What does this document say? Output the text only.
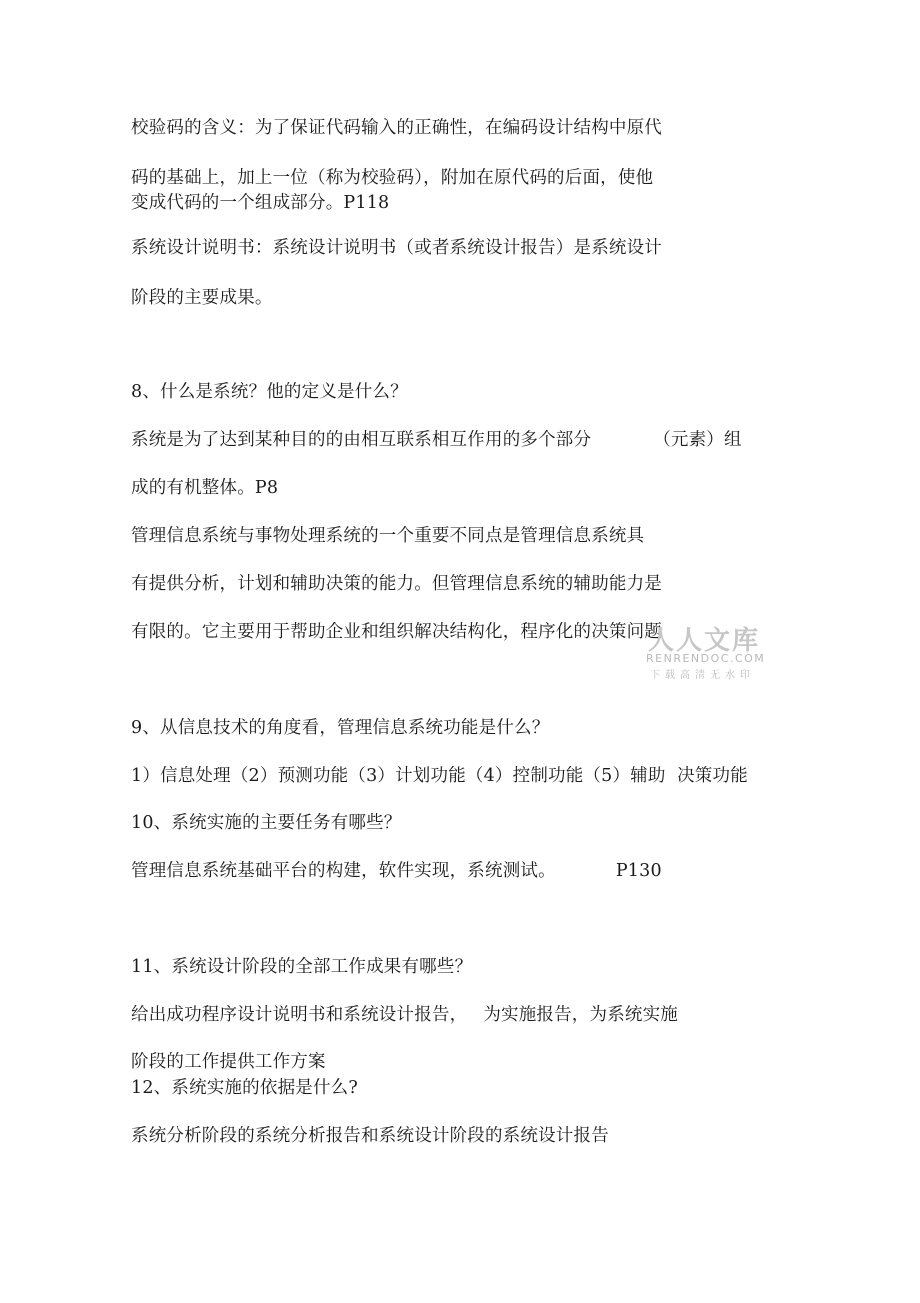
校验码的含义：为了保证代码输入的正确性，在编码设计结构中原代
码的基础上，加上一位（称为校验码），附加在原代码的后面，使他
变成代码的一个组成部分。P118
系统设计说明书：系统设计说明书（或者系统设计报告）是系统设计
阶段的主要成果。
8、什么是系统？他的定义是什么？
系统是为了达到某种目的的由相互联系相互作用的多个部分	（元素）组
成的有机整体。P8
管理信息系统与事物处理系统的一个重要不同点是管理信息系统具
有提供分析，计划和辅助决策的能力。但管理信息系统的辅助能力是
有限的。它主要用于帮助企业和组织解决结构化，程序化的决策问题
9、从信息技术的角度看，管理信息系统功能是什么？
1）信息处理（2）预测功能（3）计划功能（4）控制功能（5）辅助  决策功能
10、系统实施的主要任务有哪些？
管理信息系统基础平台的构建，软件实现，系统测试。	P130
11、系统设计阶段的全部工作成果有哪些？
给出成功程序设计说明书和系统设计报告， 为实施报告，为系统实施
阶段的工作提供工作方案
12、系统实施的依据是什么?
系统分析阶段的系统分析报告和系统设计阶段的系统设计报告
人人文库
RENRENDOC.COM
下载高清无水印
